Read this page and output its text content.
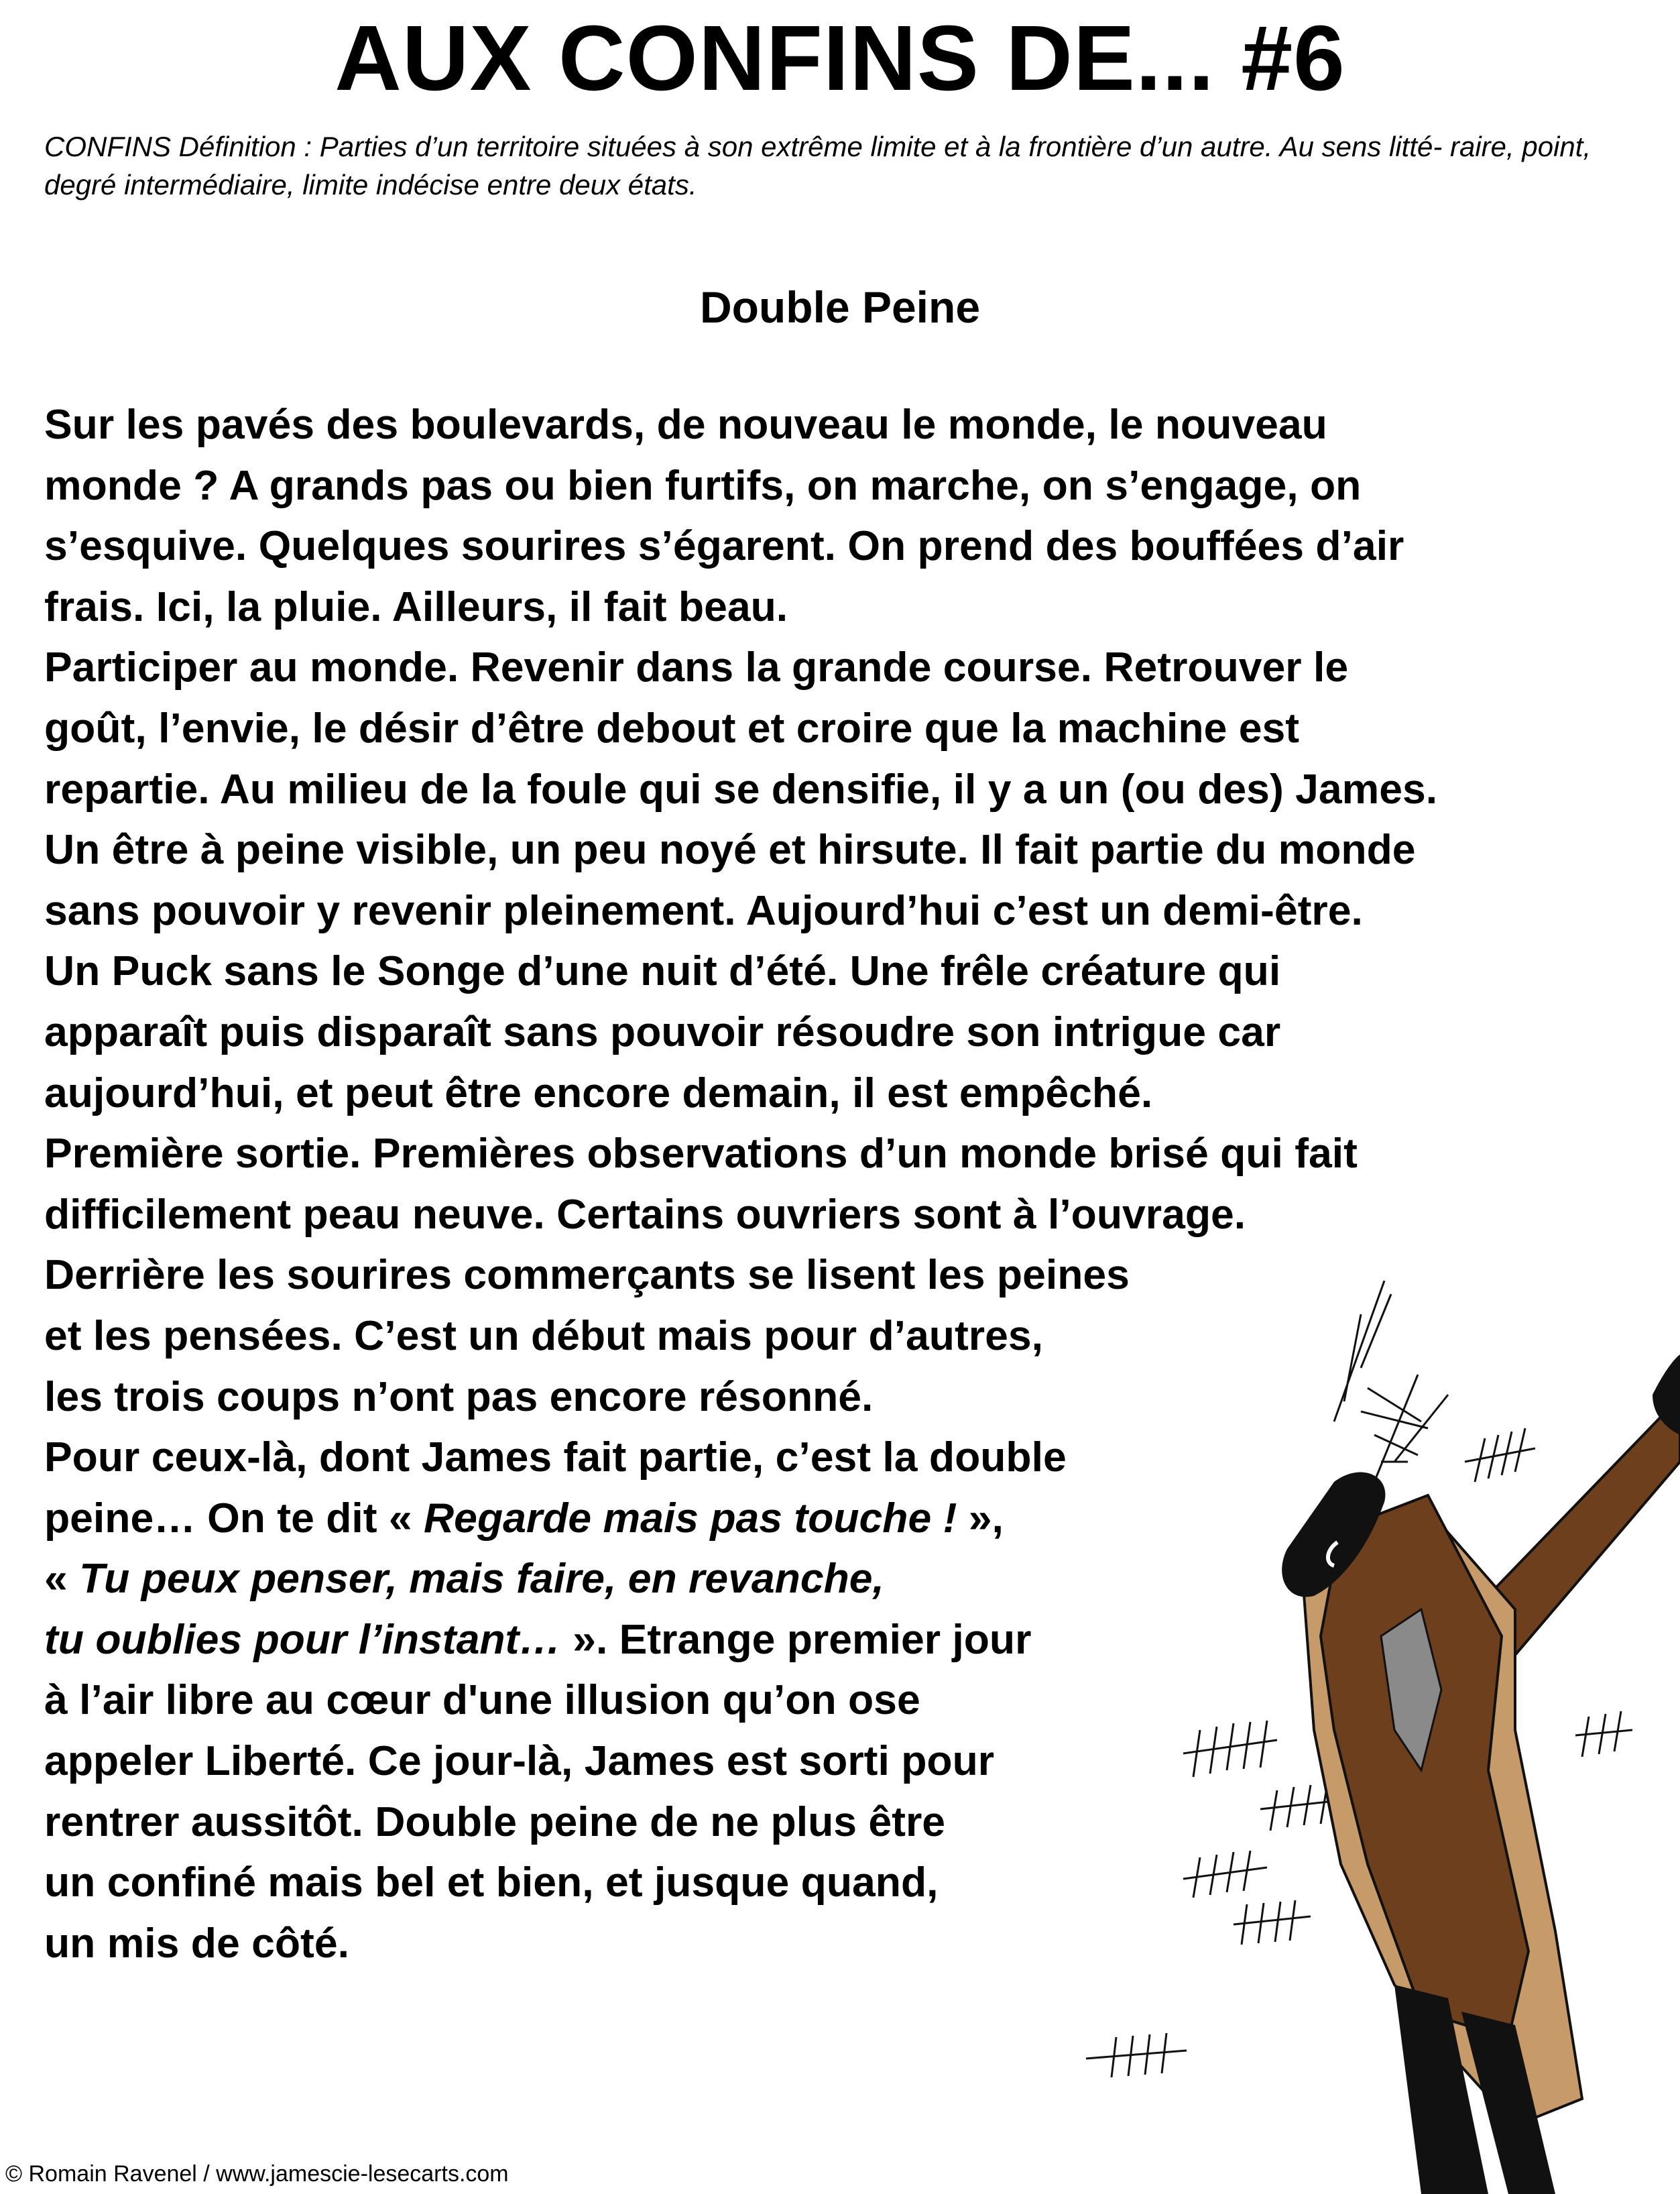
AUX CONFINS DE... #6

CONFINS Définition : Parties d’un territoire situées à son extrême limite et à la frontière d’un autre. Au sens litté- raire, point, degré intermédiaire, limite indécise entre deux états.

Double Peine
Sur les pavés des boulevards, de nouveau le monde, le nouveau
monde ? A grands pas ou bien furtifs, on marche, on s’engage, on
s’esquive. Quelques sourires s’égarent. On prend des bouffées d’air
frais. Ici, la pluie. Ailleurs, il fait beau.
Participer au monde. Revenir dans la grande course. Retrouver le
goût, l’envie, le désir d’être debout et croire que la machine est
repartie. Au milieu de la foule qui se densifie, il y a un (ou des) James.
Un être à peine visible, un peu noyé et hirsute. Il fait partie du monde
sans pouvoir y revenir pleinement. Aujourd’hui c’est un demi-être.
Un Puck sans le Songe d’une nuit d’été. Une frêle créature qui
apparaît puis disparaît sans pouvoir résoudre son intrigue car
aujourd’hui, et peut être encore demain, il est empêché.
Première sortie. Premières observations d’un monde brisé qui fait
difficilement peau neuve. Certains ouvriers sont à l’ouvrage.
Derrière les sourires commerçants se lisent les peines
et les pensées. C’est un début mais pour d’autres,
les trois coups n’ont pas encore résonné.
Pour ceux-là, dont James fait partie, c’est la double
peine… On te dit « Regarde mais pas touche ! »,
« Tu peux penser, mais faire, en revanche,
tu oublies pour l’instant… ». Etrange premier jour
à l’air libre au cœur d'une illusion qu’on ose
appeler Liberté. Ce jour-là, James est sorti pour
rentrer aussitôt. Double peine de ne plus être
un confiné mais bel et bien, et jusque quand,
un mis de côté.

© Romain Ravenel / www.jamescie-lesecarts.com
